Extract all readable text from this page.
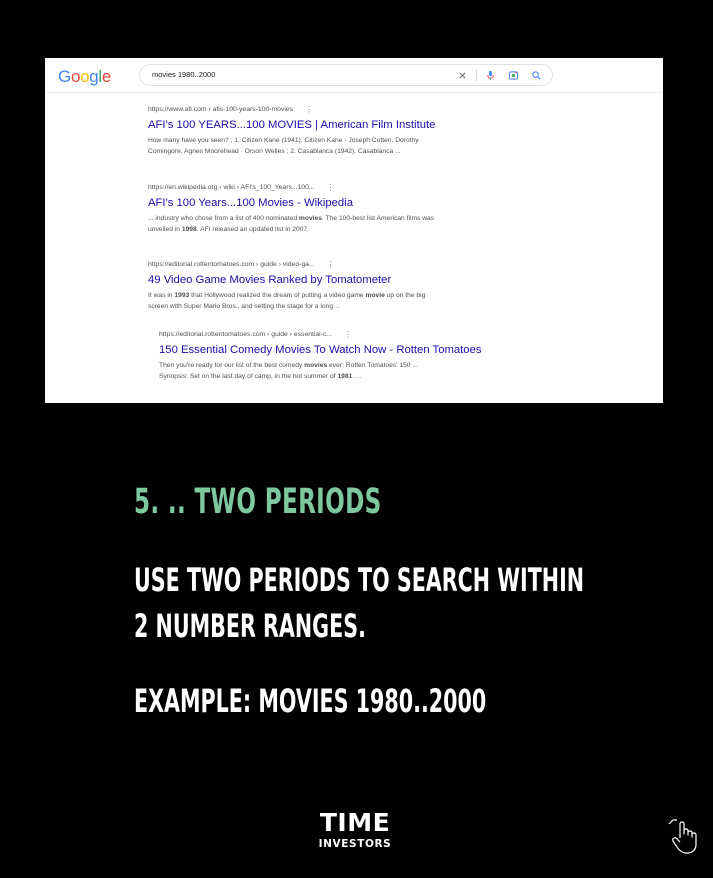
Google	movies 1980..2000
https://www.afi.com › afis-100-years-100-movies ⋮
AFI's 100 YEARS...100 MOVIES | American Film Institute
How many have you seen? ; 1. Citizen Kane (1941). Citizen Kane · Joseph Cotten, Dorothy
Comingore, Agnes Moorehead · Orson Welles ; 2. Casablanca (1942). Casablanca ...
https://en.wikipedia.org › wiki › AFI's_100_Years...100... ⋮
AFI's 100 Years...100 Movies - Wikipedia
... industry who chose from a list of 400 nominated movies. The 100-best list American films was
unveiled in 1998. AFI released an updated list in 2007.
https://editorial.rottentomatoes.com › guide › video-ga... ⋮
49 Video Game Movies Ranked by Tomatometer
It was in 1993 that Hollywood realized the dream of putting a video game movie up on the big
screen with Super Mario Bros., and setting the stage for a long ...
https://editorial.rottentomatoes.com › guide › essential-c... ⋮
150 Essential Comedy Movies To Watch Now - Rotten Tomatoes
Then you're ready for our list of the best comedy movies ever: Rotten Tomatoes' 150 ...
Synopsis: Set on the last day of camp, in the hot summer of 1981. ...
5. .. TWO PERIODS
USE TWO PERIODS TO SEARCH WITHIN
2 NUMBER RANGES.
EXAMPLE: MOVIES 1980..2000
TIME
INVESTORS
